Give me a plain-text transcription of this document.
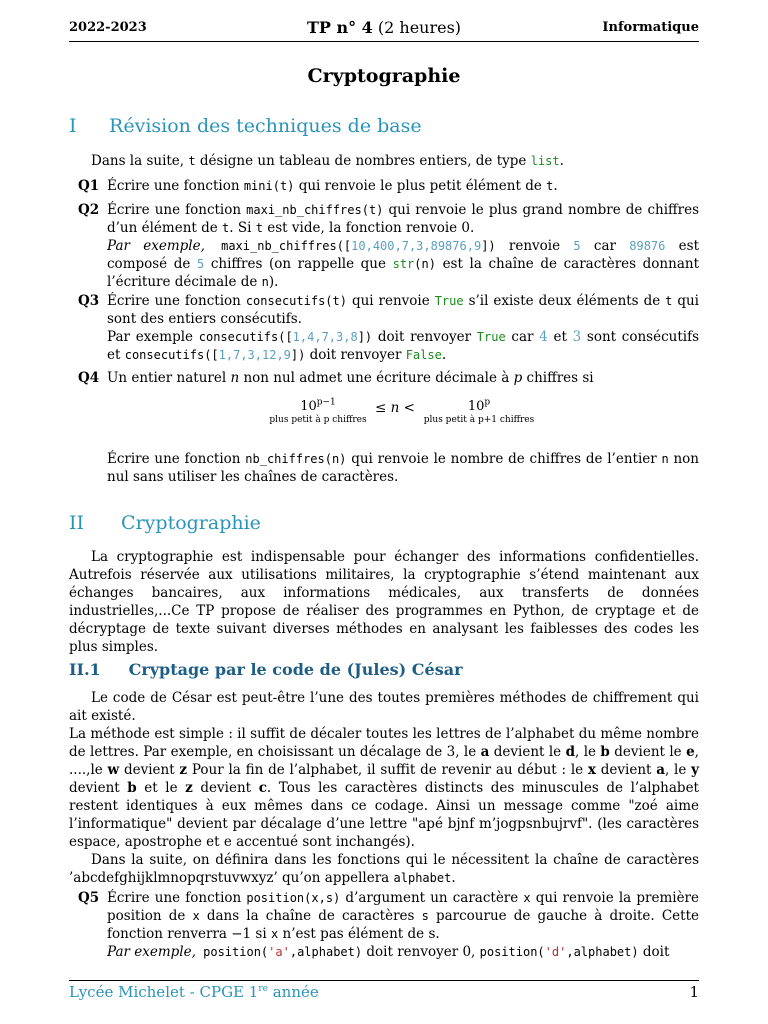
2022-2023	TP n° 4 (2 heures)	Informatique
Cryptographie
I Révision des techniques de base
Dans la suite, t désigne un tableau de nombres entiers, de type list.
Q1 Écrire une fonction mini(t) qui renvoie le plus petit élément de t.
Q2 Écrire une fonction maxi_nb_chiffres(t) qui renvoie le plus grand nombre de chiffres d’un élément de t. Si t est vide, la fonction renvoie 0.
Par exemple, maxi_nb_chiffres([10,400,7,3,89876,9]) renvoie 5 car 89876 est composé de 5 chiffres (on rappelle que str(n) est la chaîne de caractères donnant l’écriture décimale de n).
Q3 Écrire une fonction consecutifs(t) qui renvoie True s’il existe deux éléments de t qui sont des entiers consécutifs.
Par exemple consecutifs([1,4,7,3,8]) doit renvoyer True car 4 et 3 sont consécutifs et consecutifs([1,7,3,12,9]) doit renvoyer False.
Q4 Un entier naturel n non nul admet une écriture décimale à p chiffres si
$10^{p-1}$
plus petit à p chiffres
≤ n <	$10^p$
plus petit à p+1 chiffres
Écrire une fonction nb_chiffres(n) qui renvoie le nombre de chiffres de l’entier n non nul sans utiliser les chaînes de caractères.
II Cryptographie
La cryptographie est indispensable pour échanger des informations confidentielles. Autrefois réservée aux utilisations militaires, la cryptographie s’étend maintenant aux échanges bancaires, aux informations médicales, aux transferts de données industrielles,...Ce TP propose de réaliser des programmes en Python, de cryptage et de décryptage de texte suivant diverses méthodes en analysant les faiblesses des codes les plus simples.
II.1 Cryptage par le code de (Jules) César
Le code de César est peut-être l’une des toutes premières méthodes de chiffrement qui ait existé.
La méthode est simple : il suffit de décaler toutes les lettres de l’alphabet du même nombre de lettres. Par exemple, en choisissant un décalage de 3, le a devient le d, le b devient le e, ....,le w devient z Pour la fin de l’alphabet, il suffit de revenir au début : le x devient a, le y devient b et le z devient c. Tous les caractères distincts des minuscules de l’alphabet restent identiques à eux mêmes dans ce codage. Ainsi un message comme "zoé aime l’informatique" devient par décalage d’une lettre "apé bjnf m’jogpsnbujrvf". (les caractères espace, apostrophe et e accentué sont inchangés).
Dans la suite, on définira dans les fonctions qui le nécessitent la chaîne de caractères ’abcdefghijklmnopqrstuvwxyz’ qu’on appellera alphabet.
Q5 Écrire une fonction position(x,s) d’argument un caractère x qui renvoie la première position de x dans la chaîne de caractères s parcourue de gauche à droite. Cette fonction renverra −1 si x n’est pas élément de s.
Par exemple, position('a',alphabet) doit renvoyer 0, position('d',alphabet) doit
Lycée Michelet - CPGE 1re année	1
